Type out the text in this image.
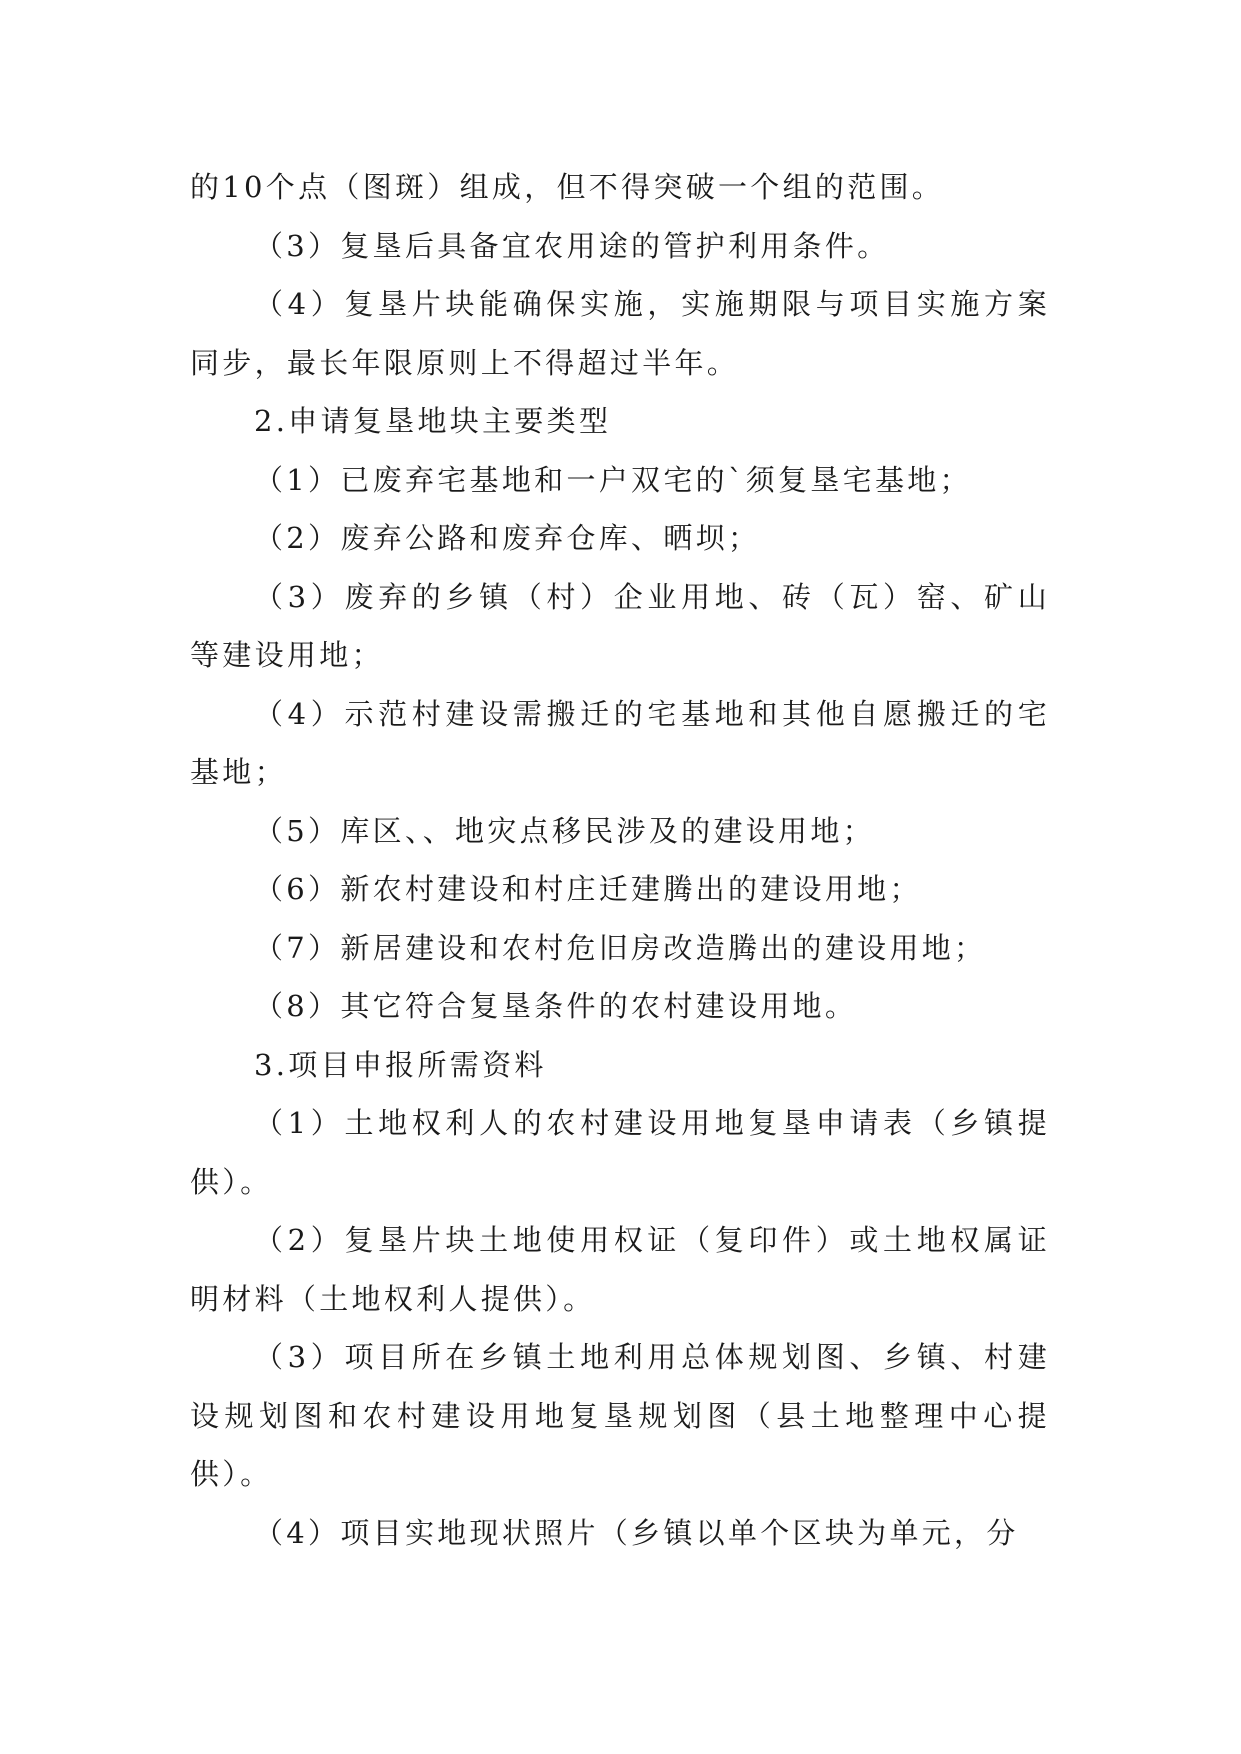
的10个点（图斑）组成，但不得突破一个组的范围。

（3）复垦后具备宜农用途的管护利用条件。

（4）复垦片块能确保实施，实施期限与项目实施方案同步，最长年限原则上不得超过半年。

2.申请复垦地块主要类型

（1）已废弃宅基地和一户双宅的`须复垦宅基地；

（2）废弃公路和废弃仓库、晒坝；

（3）废弃的乡镇（村）企业用地、砖（瓦）窑、矿山等建设用地；

（4）示范村建设需搬迁的宅基地和其他自愿搬迁的宅基地；

（5）库区、、地灾点移民涉及的建设用地；

（6）新农村建设和村庄迁建腾出的建设用地；

（7）新居建设和农村危旧房改造腾出的建设用地；

（8）其它符合复垦条件的农村建设用地。

3.项目申报所需资料

（1）土地权利人的农村建设用地复垦申请表（乡镇提供）。

（2）复垦片块土地使用权证（复印件）或土地权属证明材料（土地权利人提供）。

（3）项目所在乡镇土地利用总体规划图、乡镇、村建设规划图和农村建设用地复垦规划图（县土地整理中心提供）。

（4）项目实地现状照片（乡镇以单个区块为单元，分
